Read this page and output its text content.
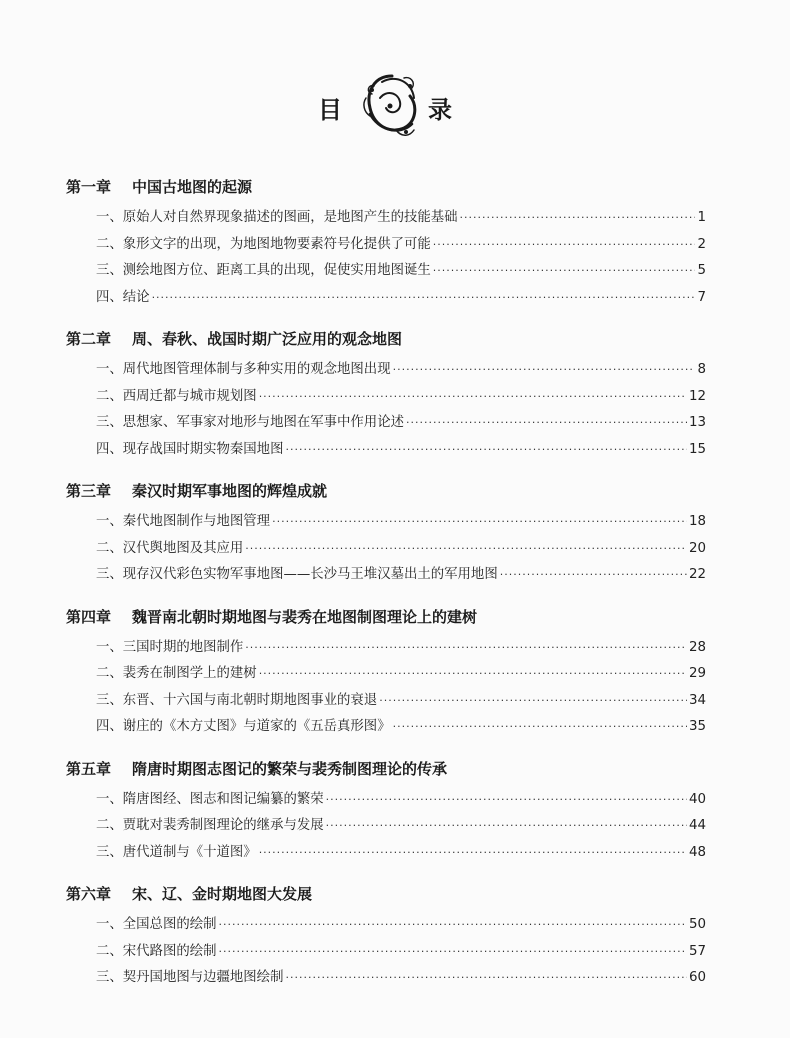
目	录
第一章	中国古地图的起源
一、原始人对自然界现象描述的图画，是地图产生的技能基础 ·····	1
二、象形文字的出现，为地图地物要素符号化提供了可能 ·····	2
三、测绘地图方位、距离工具的出现，促使实用地图诞生 ·····	5
四、结论 ·····	7
第二章	周、春秋、战国时期广泛应用的观念地图
一、周代地图管理体制与多种实用的观念地图出现 ·····	8
二、西周迁都与城市规划图 ·····	12
三、思想家、军事家对地形与地图在军事中作用论述 ·····	13
四、现存战国时期实物秦国地图 ·····	15
第三章	秦汉时期军事地图的辉煌成就
一、秦代地图制作与地图管理 ·····	18
二、汉代舆地图及其应用 ·····	20
三、现存汉代彩色实物军事地图——长沙马王堆汉墓出土的军用地图 ·····	22
第四章	魏晋南北朝时期地图与裴秀在地图制图理论上的建树
一、三国时期的地图制作 ·····	28
二、裴秀在制图学上的建树 ·····	29
三、东晋、十六国与南北朝时期地图事业的衰退 ·····	34
四、谢庄的《木方丈图》与道家的《五岳真形图》 ·····	35
第五章	隋唐时期图志图记的繁荣与裴秀制图理论的传承
一、隋唐图经、图志和图记编纂的繁荣 ·····	40
二、贾耽对裴秀制图理论的继承与发展 ·····	44
三、唐代道制与《十道图》 ·····	48
第六章	宋、辽、金时期地图大发展
一、全国总图的绘制 ·····	50
二、宋代路图的绘制 ·····	57
三、契丹国地图与边疆地图绘制 ·····	60
